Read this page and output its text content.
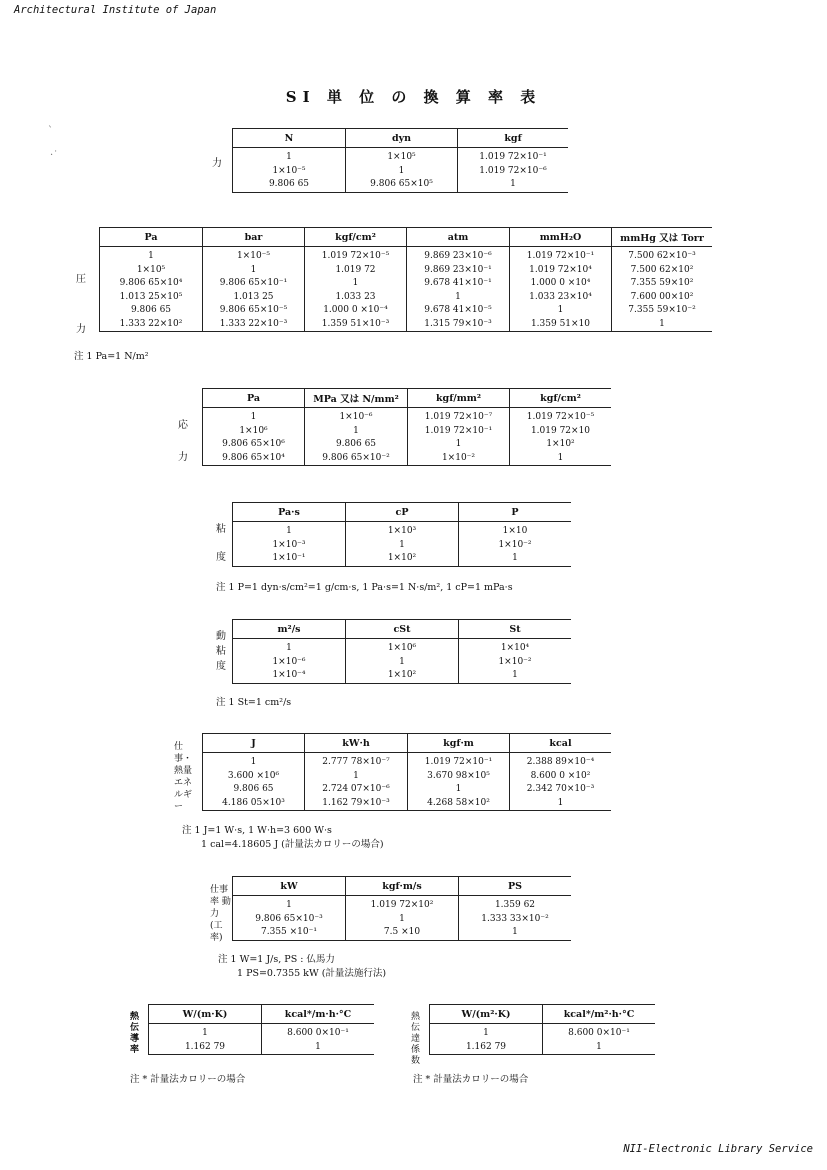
Architectural Institute of Japan
NII-Electronic Library Service
SI 単 位 の 換 算 率 表
ˋ
·˙
力
N	dyn	kgf
1	1×10⁵	1.019 72×10⁻¹
1×10⁻⁵	1	1.019 72×10⁻⁶
9.806 65	9.806 65×10⁵	1
圧力
Pa	bar	kgf/cm²	atm	mmH₂O	mmHg 又は Torr
1	1×10⁻⁵	1.019 72×10⁻⁵	9.869 23×10⁻⁶	1.019 72×10⁻¹	7.500 62×10⁻³
1×10⁵	1	1.019 72	9.869 23×10⁻¹	1.019 72×10⁴	7.500 62×10²
9.806 65×10⁴	9.806 65×10⁻¹	1	9.678 41×10⁻¹	1.000 0 ×10⁴	7.355 59×10²
1.013 25×10⁵	1.013 25	1.033 23	1	1.033 23×10⁴	7.600 00×10²
9.806 65	9.806 65×10⁻⁵	1.000 0 ×10⁻⁴	9.678 41×10⁻⁵	1	7.355 59×10⁻²
1.333 22×10²	1.333 22×10⁻³	1.359 51×10⁻³	1.315 79×10⁻³	1.359 51×10	1
注 1 Pa=1 N/m²
応力
Pa	MPa 又は N/mm²	kgf/mm²	kgf/cm²
1	1×10⁻⁶	1.019 72×10⁻⁷	1.019 72×10⁻⁵
1×10⁶	1	1.019 72×10⁻¹	1.019 72×10
9.806 65×10⁶	9.806 65	1	1×10²
9.806 65×10⁴	9.806 65×10⁻²	1×10⁻²	1
粘度
Pa·s	cP	P
1	1×10³	1×10
1×10⁻³	1	1×10⁻²
1×10⁻¹	1×10²	1
注 1 P=1 dyn·s/cm²=1 g/cm·s, 1 Pa·s=1 N·s/m², 1 cP=1 mPa·s
動粘度
m²/s	cSt	St
1	1×10⁶	1×10⁴
1×10⁻⁶	1	1×10⁻²
1×10⁻⁴	1×10²	1
注 1 St=1 cm²/s
仕事・熱量 エネルギー
J	kW·h	kgf·m	kcal
1	2.777 78×10⁻⁷	1.019 72×10⁻¹	2.388 89×10⁻⁴
3.600 ×10⁶	1	3.670 98×10⁵	8.600 0 ×10²
9.806 65	2.724 07×10⁻⁶	1	2.342 70×10⁻³
4.186 05×10³	1.162 79×10⁻³	4.268 58×10²	1
注 1 J=1 W·s, 1 W·h=3 600 W·s
1 cal=4.18605 J (計量法カロリーの場合)
仕事率 動力 (工率)
kW	kgf·m/s	PS
1	1.019 72×10²	1.359 62
9.806 65×10⁻³	1	1.333 33×10⁻²
7.355 ×10⁻¹	7.5 ×10	1
注 1 W=1 J/s, PS : 仏馬力
1 PS=0.7355 kW (計量法施行法)
熱伝導率
W/(m·K)	kcal*/m·h·°C
1	8.600 0×10⁻¹
1.162 79	1
注 * 計量法カロリーの場合
熱伝達係数
W/(m²·K)	kcal*/m²·h·°C
1	8.600 0×10⁻¹
1.162 79	1
注 * 計量法カロリーの場合
